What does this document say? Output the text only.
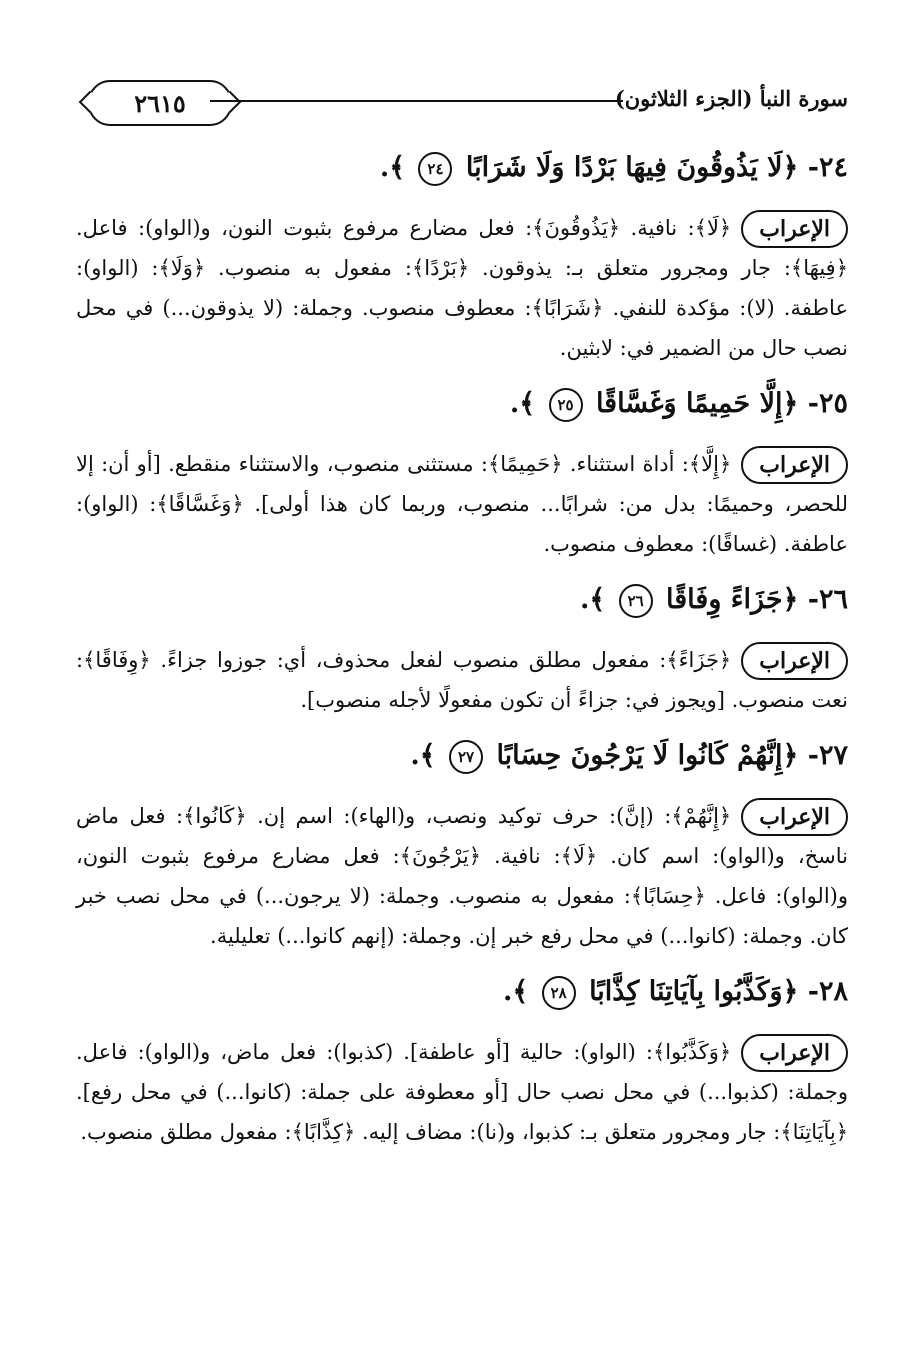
٢٦١٥	سورة النبأ (الجزء الثلاثون)

٢٤- ﴿لَا يَذُوقُونَ فِيهَا بَرْدًا وَلَا شَرَابًا ٢٤ ﴾.

الإعراب

﴿لَا﴾: نافية. ﴿يَذُوقُونَ﴾: فعل مضارع مرفوع بثبوت النون، و(الواو): فاعل. ﴿فِيهَا﴾: جار ومجرور متعلق بـ: يذوقون. ﴿بَرْدًا﴾: مفعول به منصوب. ﴿وَلَا﴾: (الواو): عاطفة. (لا): مؤكدة للنفي. ﴿شَرَابًا﴾: معطوف منصوب. وجملة: (لا يذوقون...) في محل نصب حال من الضمير في: لابثين.

٢٥- ﴿إِلَّا حَمِيمًا وَغَسَّاقًا ٢٥ ﴾.

الإعراب

﴿إِلَّا﴾: أداة استثناء. ﴿حَمِيمًا﴾: مستثنى منصوب، والاستثناء منقطع. [أو أن: إلا للحصر، وحميمًا: بدل من: شرابًا... منصوب، وربما كان هذا أولى]. ﴿وَغَسَّاقًا﴾: (الواو): عاطفة. (غساقًا): معطوف منصوب.

٢٦- ﴿جَزَاءً وِفَاقًا ٢٦ ﴾.

الإعراب

﴿جَزَاءً﴾: مفعول مطلق منصوب لفعل محذوف، أي: جوزوا جزاءً. ﴿وِفَاقًا﴾: نعت منصوب. [ويجوز في: جزاءً أن تكون مفعولًا لأجله منصوب].

٢٧- ﴿إِنَّهُمْ كَانُوا لَا يَرْجُونَ حِسَابًا ٢٧ ﴾.

الإعراب

﴿إِنَّهُمْ﴾: (إنَّ): حرف توكيد ونصب، و(الهاء): اسم إن. ﴿كَانُوا﴾: فعل ماض ناسخ، و(الواو): اسم كان. ﴿لَا﴾: نافية. ﴿يَرْجُونَ﴾: فعل مضارع مرفوع بثبوت النون، و(الواو): فاعل. ﴿حِسَابًا﴾: مفعول به منصوب. وجملة: (لا يرجون...) في محل نصب خبر كان. وجملة: (كانوا...) في محل رفع خبر إن. وجملة: (إنهم كانوا...) تعليلية.

٢٨- ﴿وَكَذَّبُوا بِآيَاتِنَا كِذَّابًا ٢٨ ﴾.

الإعراب

﴿وَكَذَّبُوا﴾: (الواو): حالية [أو عاطفة]. (كذبوا): فعل ماض، و(الواو): فاعل. وجملة: (كذبوا...) في محل نصب حال [أو معطوفة على جملة: (كانوا...) في محل رفع]. ﴿بِآيَاتِنَا﴾: جار ومجرور متعلق بـ: كذبوا، و(نا): مضاف إليه. ﴿كِذَّابًا﴾: مفعول مطلق منصوب.
